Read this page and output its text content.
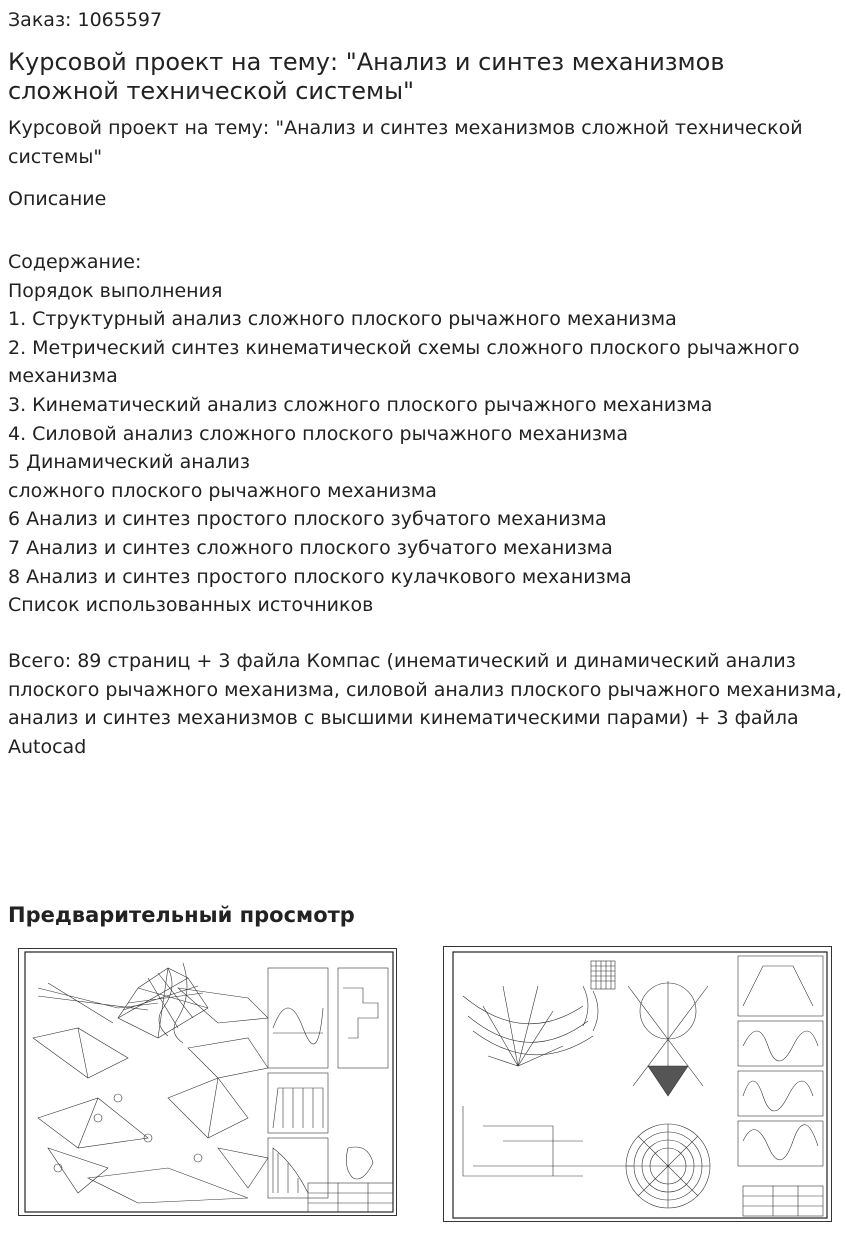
Заказ: 1065597
Курсовой проект на тему: "Анализ и синтез механизмов сложной технической системы"
Курсовой проект на тему: "Анализ и синтез механизмов сложной технической системы"
Описание
Содержание:
Порядок выполнения
1. Структурный анализ сложного плоского рычажного механизма
2. Метрический синтез кинематической схемы сложного плоского рычажного механизма
3. Кинематический анализ сложного плоского рычажного механизма
4. Силовой анализ сложного плоского рычажного механизма
5 Динамический анализ
сложного плоского рычажного механизма
6 Анализ и синтез простого плоского зубчатого механизма
7 Анализ и синтез сложного плоского зубчатого механизма
8 Анализ и синтез простого плоского кулачкового механизма
Список использованных источников
Всего: 89 страниц + 3 файла Компас (инематический и динамический анализ плоского рычажного механизма, силовой анализ плоского рычажного механизма, анализ и синтез механизмов с высшими кинематическими парами) + 3 файла Autocad
Предварительный просмотр
